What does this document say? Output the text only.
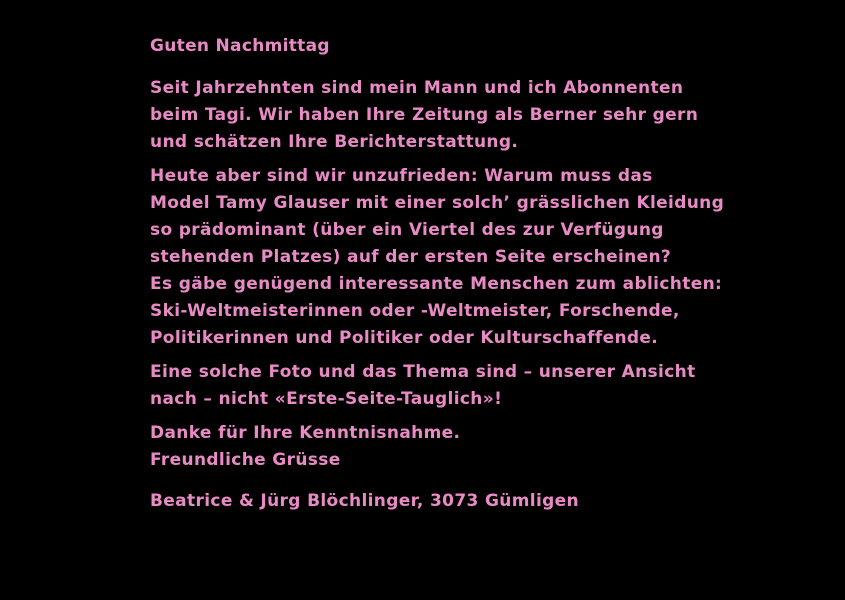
Guten Nachmittag
Seit Jahrzehnten sind mein Mann und ich Abonnenten
beim Tagi. Wir haben Ihre Zeitung als Berner sehr gern
und schätzen Ihre Berichterstattung.
Heute aber sind wir unzufrieden: Warum muss das
Model Tamy Glauser mit einer solch’ grässlichen Kleidung
so prädominant (über ein Viertel des zur Verfügung
stehenden Platzes) auf der ersten Seite erscheinen?
Es gäbe genügend interessante Menschen zum ablichten:
Ski-Weltmeisterinnen oder -Weltmeister, Forschende,
Politikerinnen und Politiker oder Kulturschaffende.
Eine solche Foto und das Thema sind – unserer Ansicht
nach – nicht «Erste-Seite-Tauglich»!
Danke für Ihre Kenntnisnahme.
Freundliche Grüsse
Beatrice & Jürg Blöchlinger, 3073 Gümligen
